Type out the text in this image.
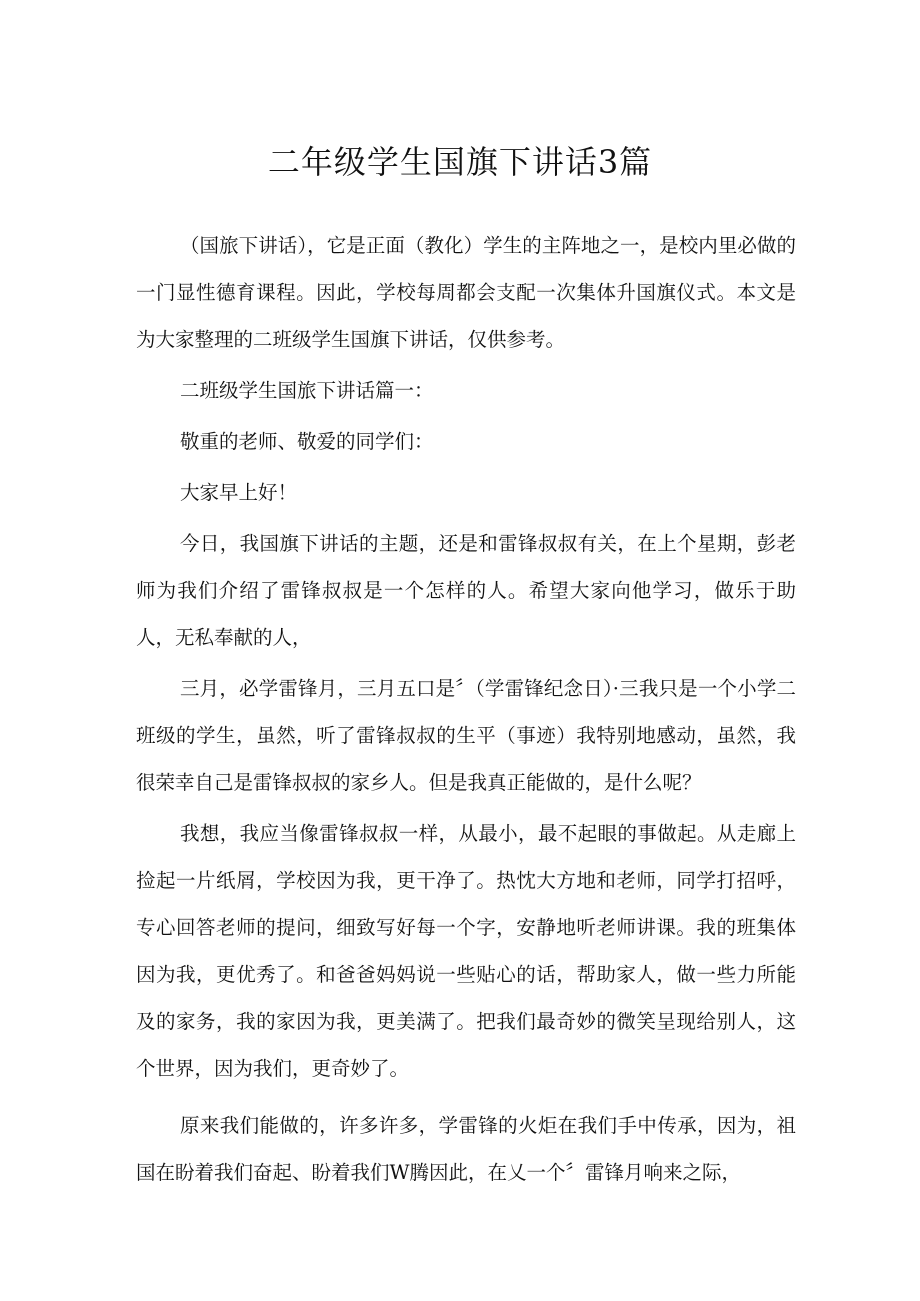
二年级学生国旗下讲话3篇

（国旅下讲话），它是正面（教化）学生的主阵地之一，是校内里必做的一门显性德育课程。因此，学校每周都会支配一次集体升国旗仪式。本文是为大家整理的二班级学生国旗下讲话，仅供参考。

二班级学生国旅下讲话篇一：

敬重的老师、敬爱的同学们：

大家早上好！

今日，我国旗下讲话的主题，还是和雷锋叔叔有关，在上个星期，彭老师为我们介绍了雷锋叔叔是一个怎样的人。希望大家向他学习，做乐于助人，无私奉献的人，

三月，必学雷锋月，三月五口是〞（学雷锋纪念日）·三我只是一个小学二班级的学生，虽然，听了雷锋叔叔的生平（事迹）我特别地感动，虽然，我很荣幸自己是雷锋叔叔的家乡人。但是我真正能做的，是什么呢？

我想，我应当像雷锋叔叔一样，从最小，最不起眼的事做起。从走廊上捡起一片纸屑，学校因为我，更干净了。热忱大方地和老师，同学打招呼，专心回答老师的提问，细致写好每一个字，安静地听老师讲课。我的班集体因为我，更优秀了。和爸爸妈妈说一些贴心的话，帮助家人，做一些力所能及的家务，我的家因为我，更美满了。把我们最奇妙的微笑呈现给别人，这个世界，因为我们，更奇妙了。

原来我们能做的，许多许多，学雷锋的火炬在我们手中传承，因为，祖国在盼着我们奋起、盼着我们W腾因此，在乂一个〞雷锋月响来之际，
